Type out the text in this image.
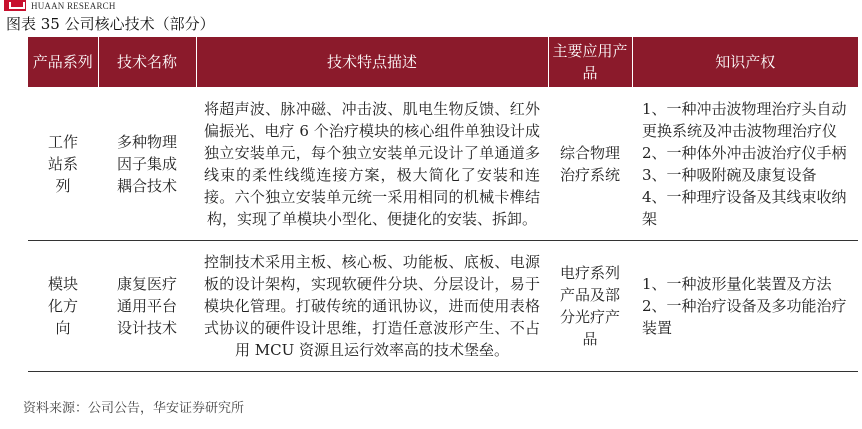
HUAAN RESEARCH
图表 35 公司核心技术（部分）
产品系列	技术名称	技术特点描述	主要应用产品	知识产权
工作站系列	多种物理因子集成耦合技术	将超声波、脉冲磁、冲击波、肌电生物反馈、红外偏振光、电疗 6 个治疗模块的核心组件单独设计成独立安装单元，每个独立安装单元设计了单通道多线束的柔性线缆连接方案，极大简化了安装和连接。六个独立安装单元统一采用相同的机械卡榫结构，实现了单模块小型化、便捷化的安装、拆卸。	综合物理治疗系统	1、一种冲击波物理治疗头自动更换系统及冲击波物理治疗仪
2、一种体外冲击波治疗仪手柄
3、一种吸附碗及康复设备
4、一种理疗设备及其线束收纳架

模块化方向	康复医疗通用平台设计技术	控制技术采用主板、核心板、功能板、底板、电源板的设计架构，实现软硬件分块、分层设计，易于模块化管理。打破传统的通讯协议，进而使用表格式协议的硬件设计思维，打造任意波形产生、不占用 MCU 资源且运行效率高的技术堡垒。	电疗系列产品及部分光疗产品	1、一种波形量化装置及方法
2、一种治疗设备及多功能治疗装置
资料来源：公司公告，华安证券研究所
